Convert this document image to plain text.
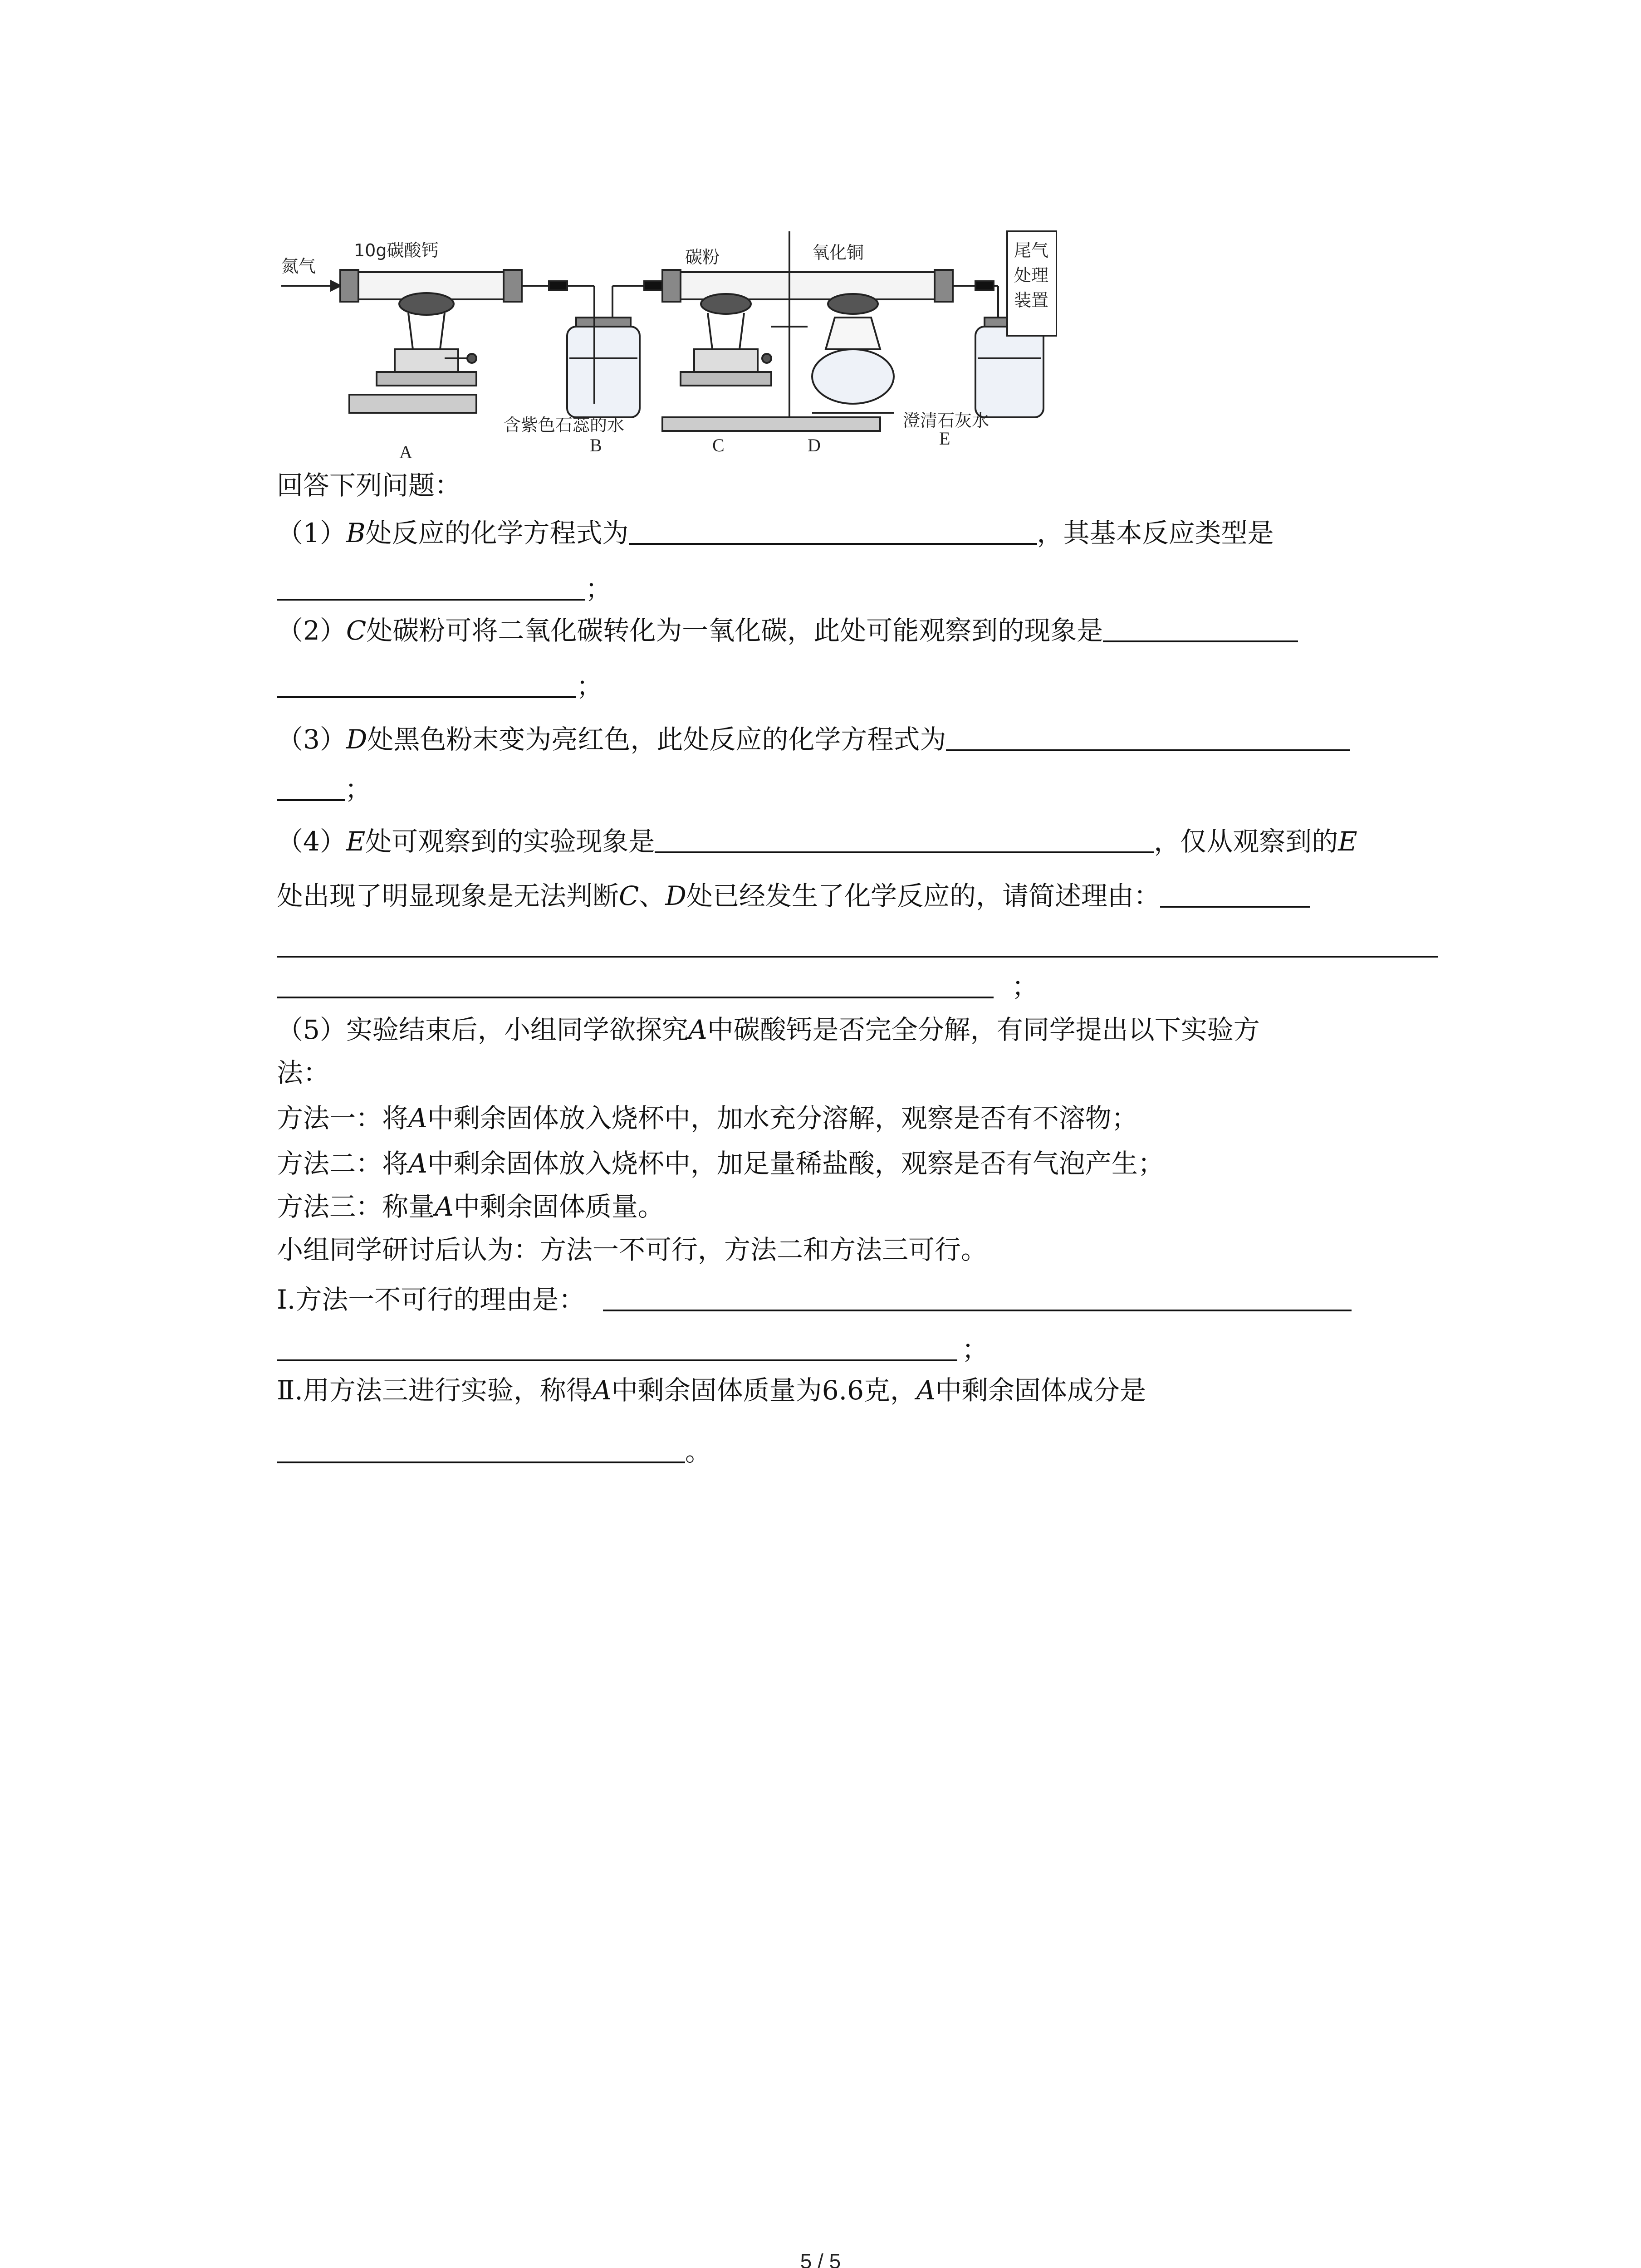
氮气
10g碳酸钙	碳粉	氧化铜	尾气
处理
装置
含紫色石蕊的水	澄清石灰水
A	B	C	D	E
回答下列问题：
（1）B处反应的化学方程式为	，其基本反应类型是
；
（2）C处碳粉可将二氧化碳转化为一氧化碳，此处可能观察到的现象是
；
（3）D处黑色粉末变为亮红色，此处反应的化学方程式为
；
（4）E处可观察到的实验现象是	，仅从观察到的E
处出现了明显现象是无法判断C、D处已经发生了化学反应的，请简述理由：
；
（5）实验结束后，小组同学欲探究A中碳酸钙是否完全分解，有同学提出以下实验方
法：
方法一：将A中剩余固体放入烧杯中，加水充分溶解，观察是否有不溶物；
方法二：将A中剩余固体放入烧杯中，加足量稀盐酸，观察是否有气泡产生；
方法三：称量A中剩余固体质量。
小组同学研讨后认为：方法一不可行，方法二和方法三可行。
Ⅰ.方法一不可行的理由是：
；
Ⅱ.用方法三进行实验，称得A中剩余固体质量为6.6克，A中剩余固体成分是
。
5 / 5
